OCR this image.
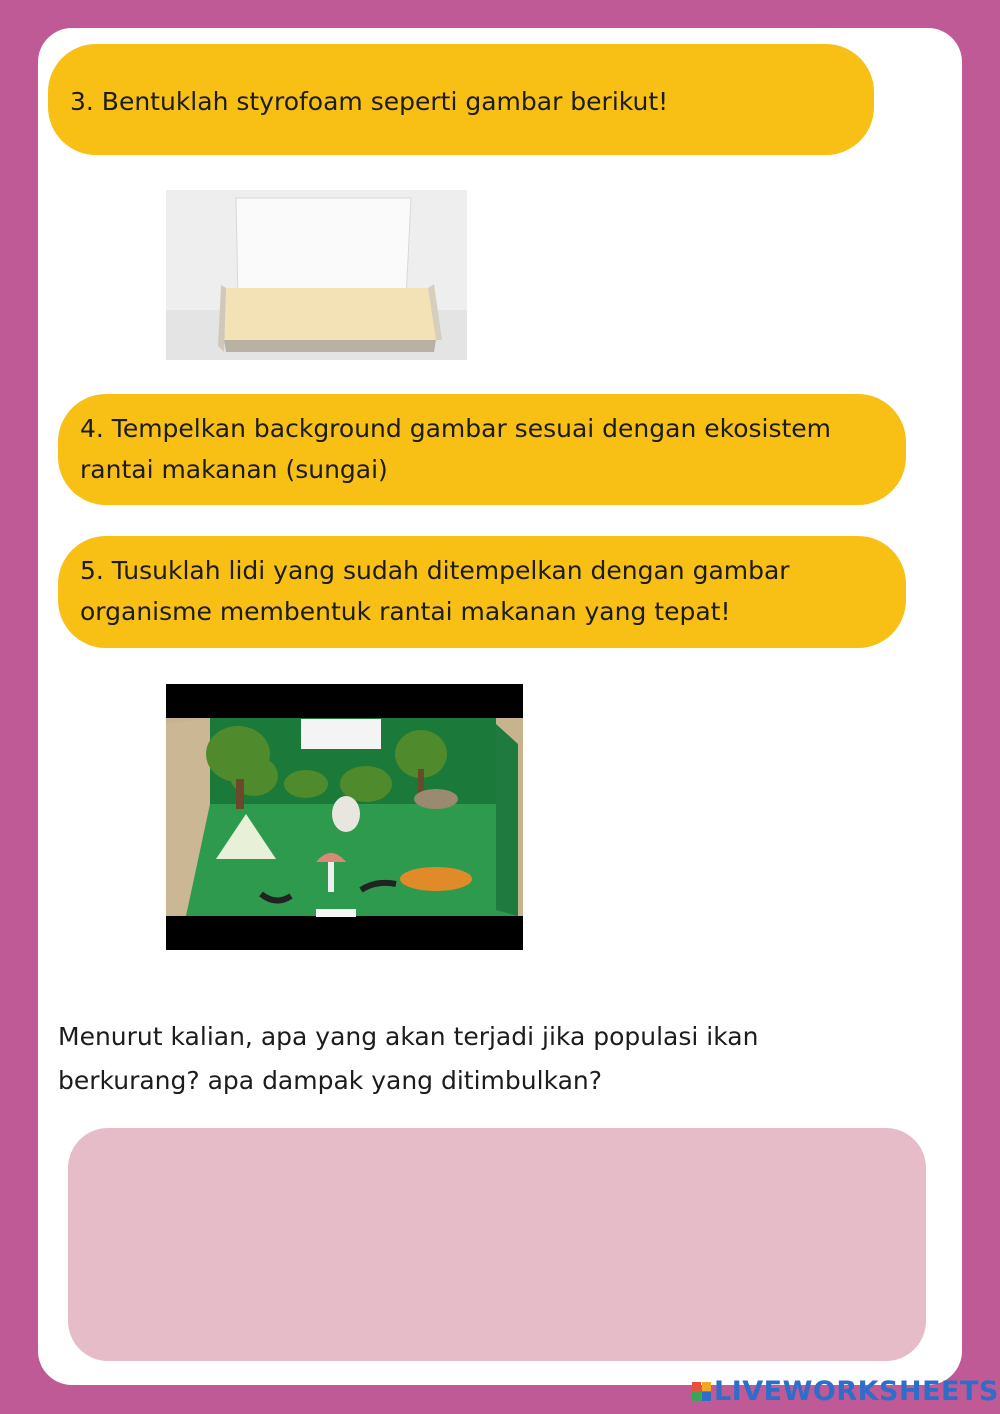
3. Bentuklah styrofoam seperti gambar berikut!
4. Tempelkan background gambar sesuai dengan ekosistem
rantai makanan (sungai)
5. Tusuklah lidi yang sudah ditempelkan dengan gambar
organisme membentuk rantai makanan yang tepat!
Menurut kalian, apa yang akan terjadi jika populasi ikan
berkurang? apa dampak yang ditimbulkan?
LIVEWORKSHEETS
